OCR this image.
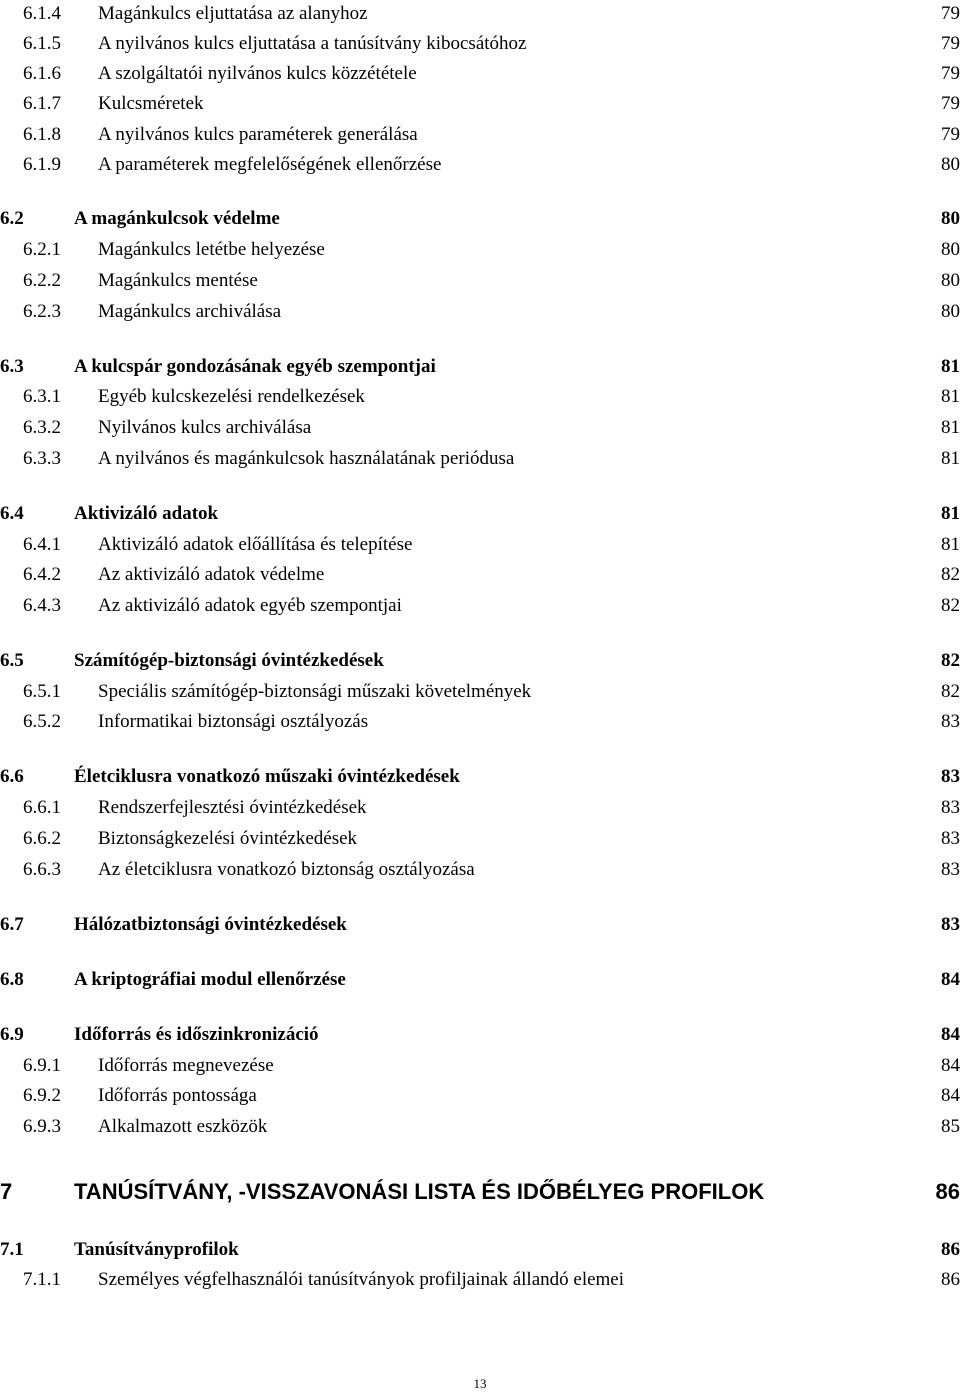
6.1.4 Magánkulcs eljuttatása az alanyhoz	79
6.1.5 A nyilvános kulcs eljuttatása a tanúsítvány kibocsátóhoz	79
6.1.6 A szolgáltatói nyilvános kulcs közzététele	79
6.1.7 Kulcsméretek	79
6.1.8 A nyilvános kulcs paraméterek generálása	79
6.1.9 A paraméterek megfelelőségének ellenőrzése	80
6.2	A magánkulcsok védelme	80
6.2.1 Magánkulcs letétbe helyezése	80
6.2.2 Magánkulcs mentése	80
6.2.3 Magánkulcs archiválása	80
6.3	A kulcspár gondozásának egyéb szempontjai	81
6.3.1 Egyéb kulcskezelési rendelkezések	81
6.3.2 Nyilvános kulcs archiválása	81
6.3.3 A nyilvános és magánkulcsok használatának periódusa	81
6.4	Aktivizáló adatok	81
6.4.1 Aktivizáló adatok előállítása és telepítése	81
6.4.2 Az aktivizáló adatok védelme	82
6.4.3 Az aktivizáló adatok egyéb szempontjai	82
6.5	Számítógép-biztonsági óvintézkedések	82
6.5.1 Speciális számítógép-biztonsági műszaki követelmények	82
6.5.2 Informatikai biztonsági osztályozás	83
6.6	Életciklusra vonatkozó műszaki óvintézkedések	83
6.6.1 Rendszerfejlesztési óvintézkedések	83
6.6.2 Biztonságkezelési óvintézkedések	83
6.6.3 Az életciklusra vonatkozó biztonság osztályozása	83
6.7	Hálózatbiztonsági óvintézkedések	83
6.8	A kriptográfiai modul ellenőrzése	84
6.9	Időforrás és időszinkronizáció	84
6.9.1 Időforrás megnevezése	84
6.9.2 Időforrás pontossága	84
6.9.3 Alkalmazott eszközök	85
7	TANÚSÍTVÁNY, -VISSZAVONÁSI LISTA ÉS IDŐBÉLYEG PROFILOK	86
7.1	Tanúsítványprofilok	86
7.1.1 Személyes végfelhasználói tanúsítványok profiljainak állandó elemei	86
13
